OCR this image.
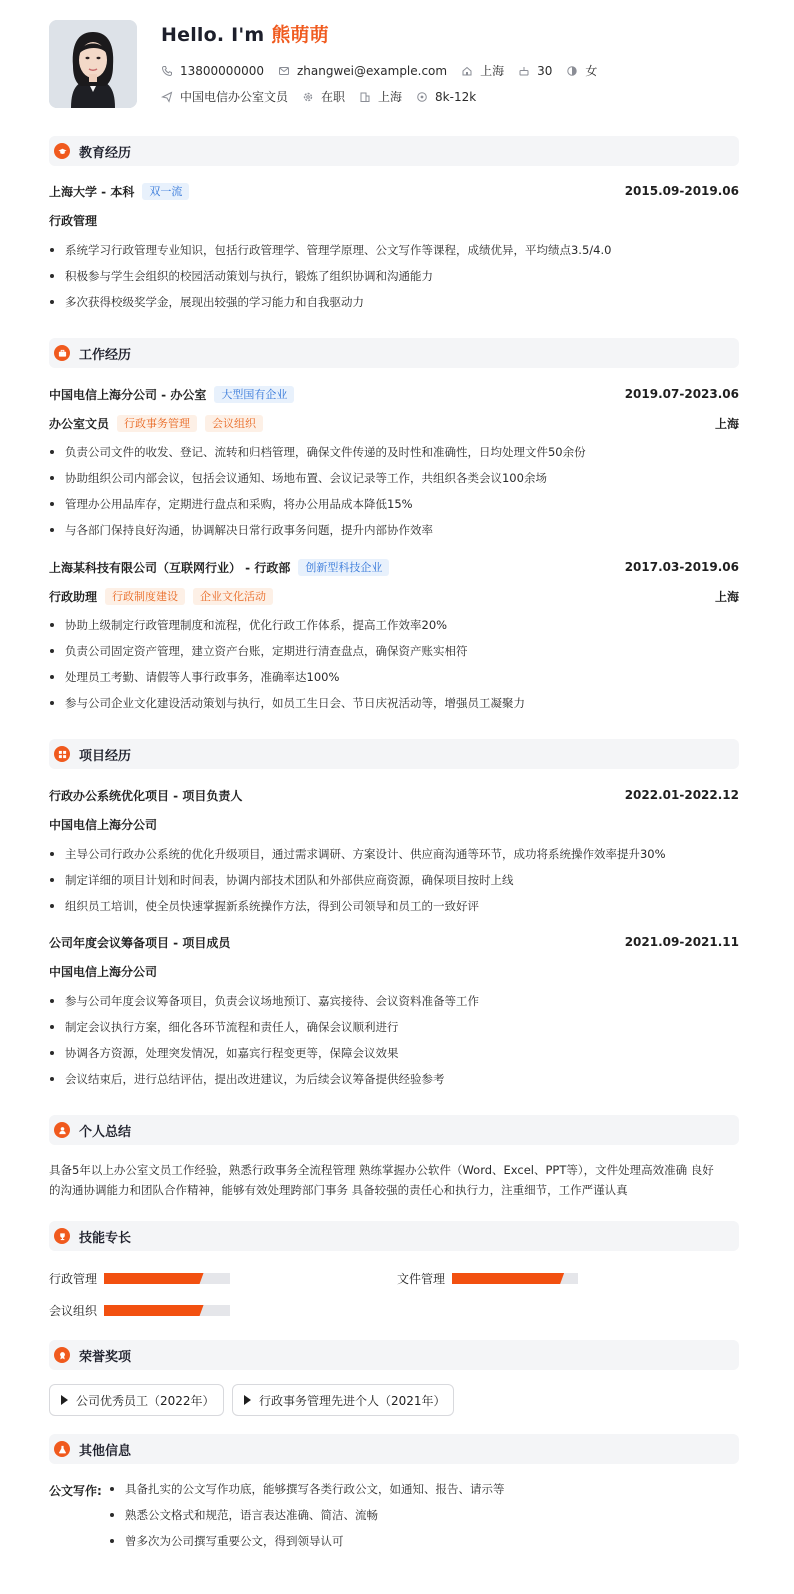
Hello. I'm 熊萌萌
13800000000	zhangwei@example.com	上海	30	女
中国电信办公室文员	在职	上海	8k-12k
教育经历
上海大学 - 本科	双一流	2015.09-2019.06
行政管理
系统学习行政管理专业知识，包括行政管理学、管理学原理、公文写作等课程，成绩优异，平均绩点3.5/4.0
积极参与学生会组织的校园活动策划与执行，锻炼了组织协调和沟通能力
多次获得校级奖学金，展现出较强的学习能力和自我驱动力
工作经历
中国电信上海分公司 - 办公室	大型国有企业	2019.07-2023.06
办公室文员	行政事务管理	会议组织	上海
负责公司文件的收发、登记、流转和归档管理，确保文件传递的及时性和准确性，日均处理文件50余份
协助组织公司内部会议，包括会议通知、场地布置、会议记录等工作，共组织各类会议100余场
管理办公用品库存，定期进行盘点和采购，将办公用品成本降低15%
与各部门保持良好沟通，协调解决日常行政事务问题，提升内部协作效率
上海某科技有限公司（互联网行业） - 行政部	创新型科技企业	2017.03-2019.06
行政助理	行政制度建设	企业文化活动	上海
协助上级制定行政管理制度和流程，优化行政工作体系，提高工作效率20%
负责公司固定资产管理，建立资产台账，定期进行清查盘点，确保资产账实相符
处理员工考勤、请假等人事行政事务，准确率达100%
参与公司企业文化建设活动策划与执行，如员工生日会、节日庆祝活动等，增强员工凝聚力
项目经历
行政办公系统优化项目 - 项目负责人	2022.01-2022.12
中国电信上海分公司
主导公司行政办公系统的优化升级项目，通过需求调研、方案设计、供应商沟通等环节，成功将系统操作效率提升30%
制定详细的项目计划和时间表，协调内部技术团队和外部供应商资源，确保项目按时上线
组织员工培训，使全员快速掌握新系统操作方法，得到公司领导和员工的一致好评
公司年度会议筹备项目 - 项目成员	2021.09-2021.11
中国电信上海分公司
参与公司年度会议筹备项目，负责会议场地预订、嘉宾接待、会议资料准备等工作
制定会议执行方案，细化各环节流程和责任人，确保会议顺利进行
协调各方资源，处理突发情况，如嘉宾行程变更等，保障会议效果
会议结束后，进行总结评估，提出改进建议，为后续会议筹备提供经验参考
个人总结
具备5年以上办公室文员工作经验，熟悉行政事务全流程管理 熟练掌握办公软件（Word、Excel、PPT等），文件处理高效准确 良好
的沟通协调能力和团队合作精神，能够有效处理跨部门事务 具备较强的责任心和执行力，注重细节，工作严谨认真
技能专长
行政管理	文件管理
会议组织
荣誉奖项
公司优秀员工（2022年）	行政事务管理先进个人（2021年）
其他信息
公文写作:	具备扎实的公文写作功底，能够撰写各类行政公文，如通知、报告、请示等
熟悉公文格式和规范，语言表达准确、简洁、流畅
曾多次为公司撰写重要公文，得到领导认可
